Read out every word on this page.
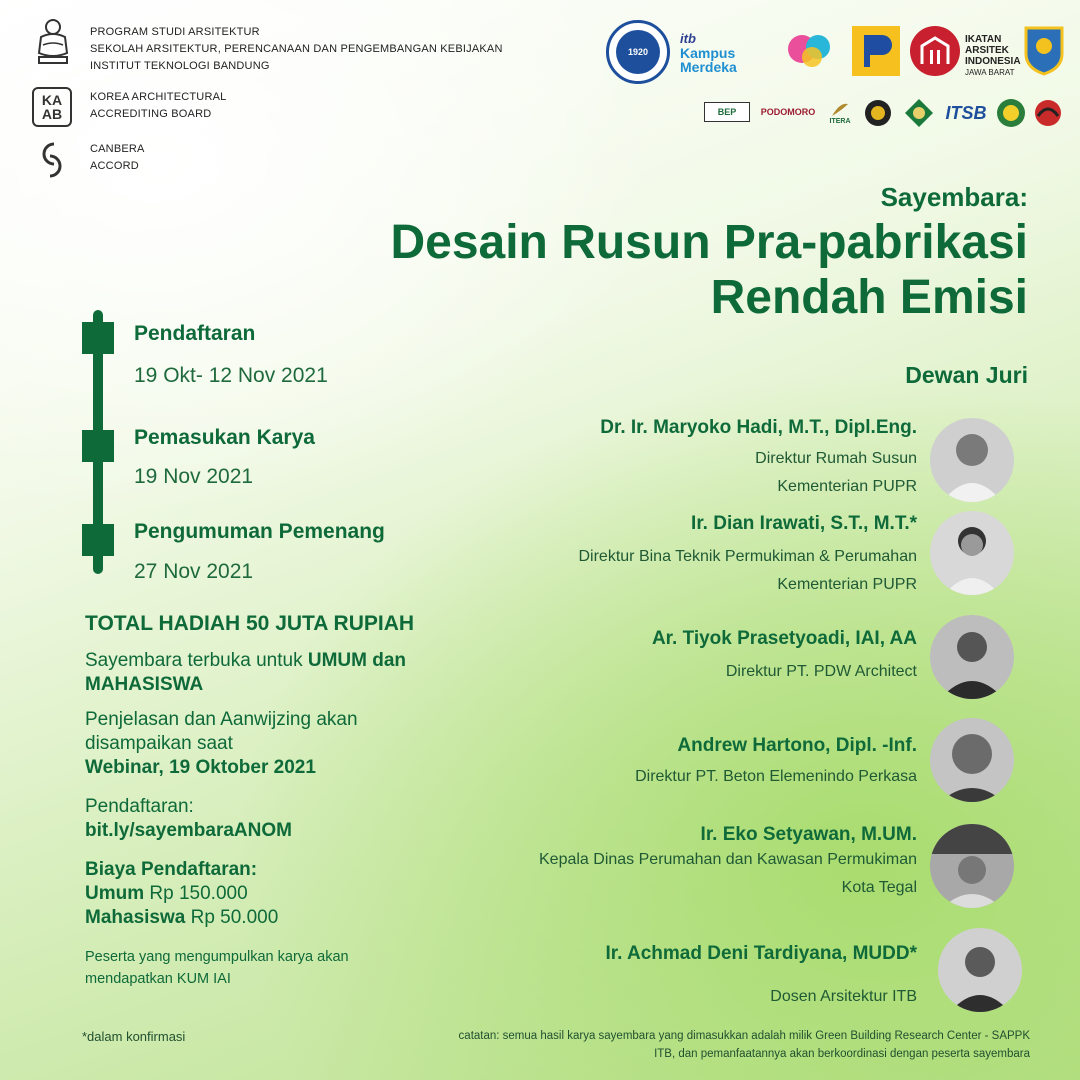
PROGRAM STUDI ARSITEKTUR
SEKOLAH ARSITEKTUR, PERENCANAAN DAN PENGEMBANGAN KEBIJAKAN
INSTITUT TEKNOLOGI BANDUNG
KA
AB
KOREA ARCHITECTURAL
ACCREDITING BOARD
CANBERA
ACCORD
1920
itb
Kampus
Merdeka
IKATAN
ARSITEK
INDONESIA
JAWA BARAT
BEP	PODOMORO
ITERA	ITSB
Sayembara:
Desain Rusun Pra-pabrikasi
Rendah Emisi
Pendaftaran
19 Okt- 12 Nov 2021
Pemasukan Karya
19 Nov 2021
Pengumuman Pemenang
27 Nov 2021
TOTAL HADIAH 50 JUTA RUPIAH
Sayembara terbuka untuk UMUM dan
MAHASISWA
Penjelasan dan Aanwijzing akan
disampaikan saat
Webinar, 19 Oktober 2021
Pendaftaran:
bit.ly/sayembaraANOM
Biaya Pendaftaran:
Umum Rp 150.000
Mahasiswa Rp 50.000
Peserta yang mengumpulkan karya akan
mendapatkan KUM IAI
Dewan Juri
Dr. Ir. Maryoko Hadi, M.T., Dipl.Eng.
Direktur Rumah Susun
Kementerian PUPR
Ir. Dian Irawati, S.T., M.T.*
Direktur Bina Teknik Permukiman & Perumahan
Kementerian PUPR
Ar. Tiyok Prasetyoadi, IAI, AA
Direktur PT. PDW Architect
Andrew Hartono, Dipl. -Inf.
Direktur PT. Beton Elemenindo Perkasa
Ir. Eko Setyawan, M.UM.
Kepala Dinas Perumahan dan Kawasan Permukiman
Kota Tegal
Ir. Achmad Deni Tardiyana, MUDD*
Dosen Arsitektur ITB
*dalam konfirmasi	catatan: semua hasil karya sayembara yang dimasukkan adalah milik Green Building Research Center - SAPPK
ITB, dan pemanfaatannya akan berkoordinasi dengan peserta sayembara
